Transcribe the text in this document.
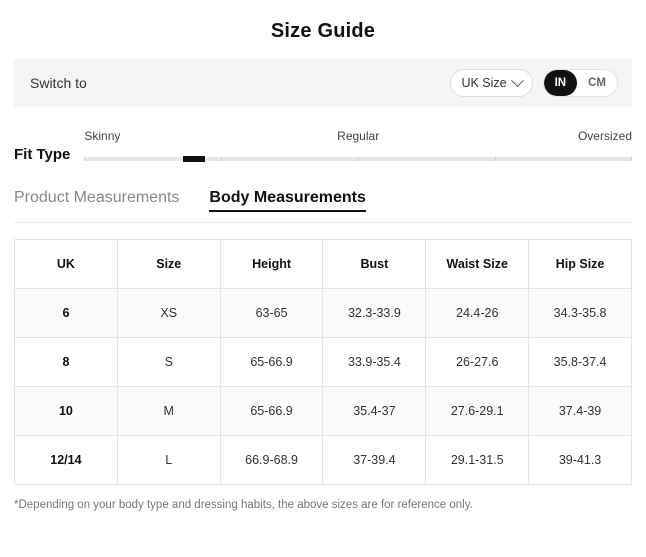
Size Guide
Switch to	UK Size	IN	CM
Fit Type
Skinny	Regular	Oversized
Product Measurements Body Measurements
UK	Size	Height	Bust	Waist Size	Hip Size
6	XS	63-65	32.3-33.9	24.4-26	34.3-35.8
8	S	65-66.9	33.9-35.4	26-27.6	35.8-37.4
10	M	65-66.9	35.4-37	27.6-29.1	37.4-39
12/14	L	66.9-68.9	37-39.4	29.1-31.5	39-41.3
*Depending on your body type and dressing habits, the above sizes are for reference only.
